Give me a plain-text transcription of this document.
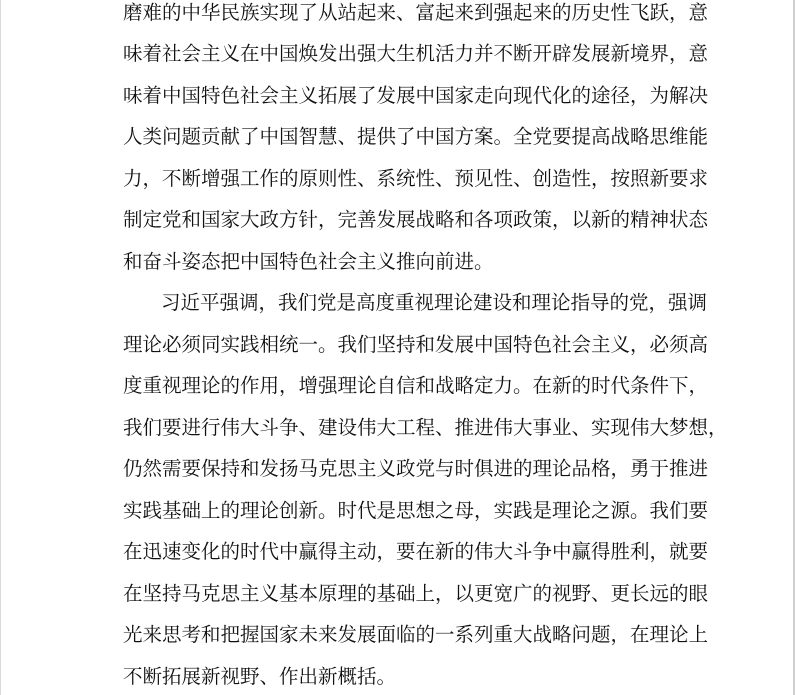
磨难的中华民族实现了从站起来、富起来到强起来的历史性飞跃，意
味着社会主义在中国焕发出强大生机活力并不断开辟发展新境界，意
味着中国特色社会主义拓展了发展中国家走向现代化的途径，为解决
人类问题贡献了中国智慧、提供了中国方案。全党要提高战略思维能
力，不断增强工作的原则性、系统性、预见性、创造性，按照新要求
制定党和国家大政方针，完善发展战略和各项政策，以新的精神状态
和奋斗姿态把中国特色社会主义推向前进。
习近平强调，我们党是高度重视理论建设和理论指导的党，强调
理论必须同实践相统一。我们坚持和发展中国特色社会主义，必须高
度重视理论的作用，增强理论自信和战略定力。在新的时代条件下，
我们要进行伟大斗争、建设伟大工程、推进伟大事业、实现伟大梦想，
仍然需要保持和发扬马克思主义政党与时俱进的理论品格，勇于推进
实践基础上的理论创新。时代是思想之母，实践是理论之源。我们要
在迅速变化的时代中赢得主动，要在新的伟大斗争中赢得胜利，就要
在坚持马克思主义基本原理的基础上，以更宽广的视野、更长远的眼
光来思考和把握国家未来发展面临的一系列重大战略问题，在理论上
不断拓展新视野、作出新概括。
